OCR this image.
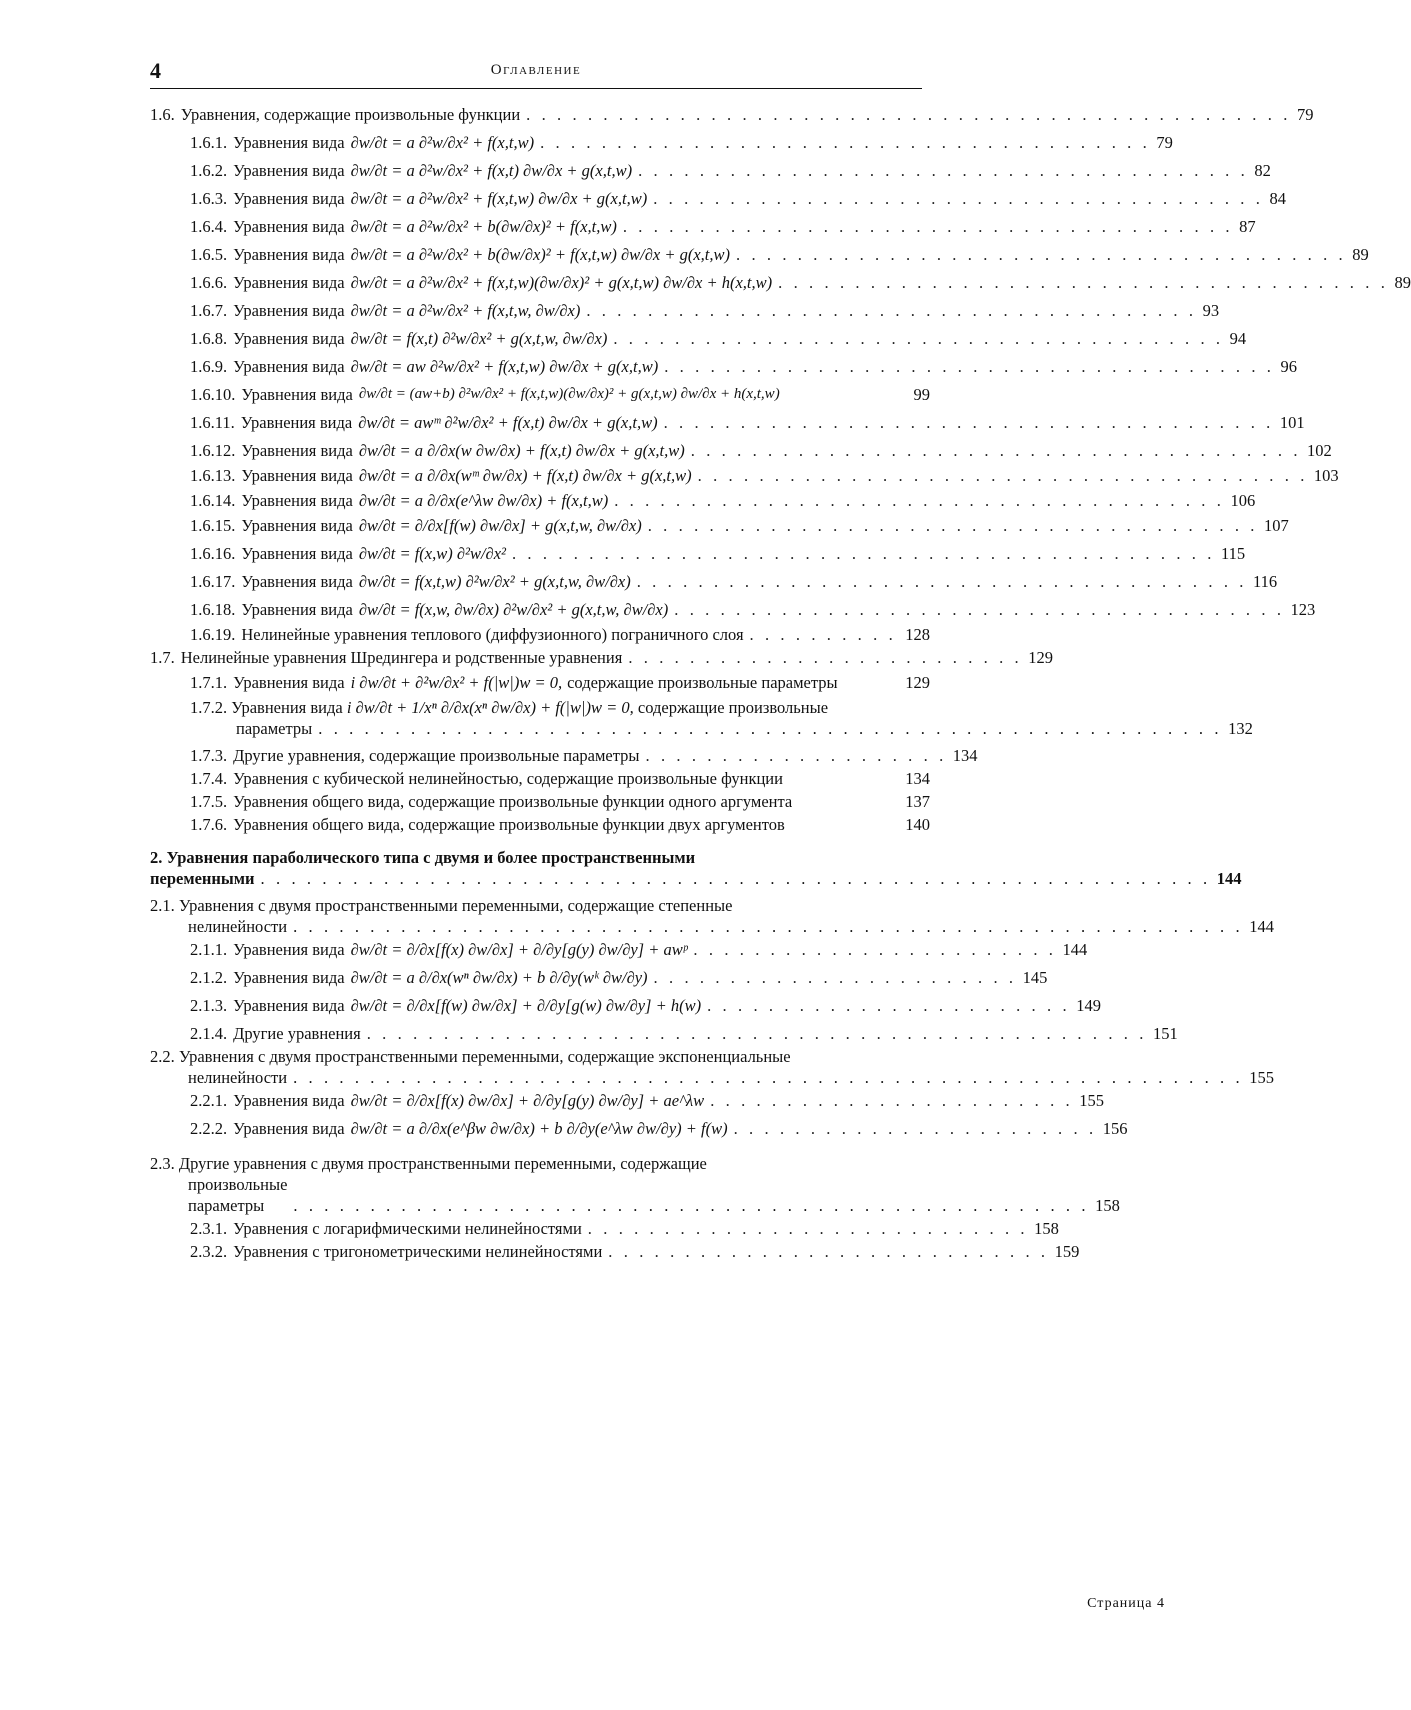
4	Оглавление
1.6. Уравнения, содержащие произвольные функции . . . . . . . . . . . . . . . . . . . . . . . . . . . . . . . . . . . . . . . . . . . . . . . . . . 79
1.6.1. Уравнения вида ∂w/∂t = a ∂²w/∂x² + f(x,t,w) . . . . . . . . . . . . . . . . . . . . . . . . . . . . . . . . . . . . . . . . 79
1.6.2. Уравнения вида ∂w/∂t = a ∂²w/∂x² + f(x,t) ∂w/∂x + g(x,t,w) . . . . . . . . . . . . . . . . . . . . . . . . . . . . . . . . . . . . . . . . 82
1.6.3. Уравнения вида ∂w/∂t = a ∂²w/∂x² + f(x,t,w) ∂w/∂x + g(x,t,w) . . . . . . . . . . . . . . . . . . . . . . . . . . . . . . . . . . . . . . . . 84
1.6.4. Уравнения вида ∂w/∂t = a ∂²w/∂x² + b(∂w/∂x)² + f(x,t,w) . . . . . . . . . . . . . . . . . . . . . . . . . . . . . . . . . . . . . . . . 87
1.6.5. Уравнения вида ∂w/∂t = a ∂²w/∂x² + b(∂w/∂x)² + f(x,t,w) ∂w/∂x + g(x,t,w) . . . . . . . . . . . . . . . . . . . . . . . . . . . . . . . . . . . . . . . . 89
1.6.6. Уравнения вида ∂w/∂t = a ∂²w/∂x² + f(x,t,w)(∂w/∂x)² + g(x,t,w) ∂w/∂x + h(x,t,w) . . . . . . . . . . . . . . . . . . . . . . . . . . . . . . . . . . . . . . . . 89
1.6.7. Уравнения вида ∂w/∂t = a ∂²w/∂x² + f(x,t,w, ∂w/∂x) . . . . . . . . . . . . . . . . . . . . . . . . . . . . . . . . . . . . . . . . 93
1.6.8. Уравнения вида ∂w/∂t = f(x,t) ∂²w/∂x² + g(x,t,w, ∂w/∂x) . . . . . . . . . . . . . . . . . . . . . . . . . . . . . . . . . . . . . . . . 94
1.6.9. Уравнения вида ∂w/∂t = aw ∂²w/∂x² + f(x,t,w) ∂w/∂x + g(x,t,w) . . . . . . . . . . . . . . . . . . . . . . . . . . . . . . . . . . . . . . . . 96
1.6.10. Уравнения вида ∂w/∂t = (aw+b) ∂²w/∂x² + f(x,t,w)(∂w/∂x)² + g(x,t,w) ∂w/∂x + h(x,t,w)	99
1.6.11. Уравнения вида ∂w/∂t = awᵐ ∂²w/∂x² + f(x,t) ∂w/∂x + g(x,t,w) . . . . . . . . . . . . . . . . . . . . . . . . . . . . . . . . . . . . . . . . 101
1.6.12. Уравнения вида ∂w/∂t = a ∂/∂x(w ∂w/∂x) + f(x,t) ∂w/∂x + g(x,t,w) . . . . . . . . . . . . . . . . . . . . . . . . . . . . . . . . . . . . . . . . 102
1.6.13. Уравнения вида ∂w/∂t = a ∂/∂x(wᵐ ∂w/∂x) + f(x,t) ∂w/∂x + g(x,t,w) . . . . . . . . . . . . . . . . . . . . . . . . . . . . . . . . . . . . . . . . 103
1.6.14. Уравнения вида ∂w/∂t = a ∂/∂x(e^λw ∂w/∂x) + f(x,t,w) . . . . . . . . . . . . . . . . . . . . . . . . . . . . . . . . . . . . . . . . 106
1.6.15. Уравнения вида ∂w/∂t = ∂/∂x[f(w) ∂w/∂x] + g(x,t,w, ∂w/∂x) . . . . . . . . . . . . . . . . . . . . . . . . . . . . . . . . . . . . . . . . 107
1.6.16. Уравнения вида ∂w/∂t = f(x,w) ∂²w/∂x² . . . . . . . . . . . . . . . . . . . . . . . . . . . . . . . . . . . . . . . . . . . . . . 115
1.6.17. Уравнения вида ∂w/∂t = f(x,t,w) ∂²w/∂x² + g(x,t,w, ∂w/∂x) . . . . . . . . . . . . . . . . . . . . . . . . . . . . . . . . . . . . . . . . 116
1.6.18. Уравнения вида ∂w/∂t = f(x,w, ∂w/∂x) ∂²w/∂x² + g(x,t,w, ∂w/∂x) . . . . . . . . . . . . . . . . . . . . . . . . . . . . . . . . . . . . . . . . 123
1.6.19. Нелинейные уравнения теплового (диффузионного) пограничного слоя . . . . . . . . . . 128
1.7. Нелинейные уравнения Шредингера и родственные уравнения . . . . . . . . . . . . . . . . . . . . . . . . . . 129
1.7.1. Уравнения вида i ∂w/∂t + ∂²w/∂x² + f(|w|)w = 0, содержащие произвольные параметры	129
1.7.2. Уравнения вида i ∂w/∂t + 1/xⁿ ∂/∂x(xⁿ ∂w/∂x) + f(|w|)w = 0, содержащие произвольные
параметры . . . . . . . . . . . . . . . . . . . . . . . . . . . . . . . . . . . . . . . . . . . . . . . . . . . . . . . . . . . 132
1.7.3. Другие уравнения, содержащие произвольные параметры . . . . . . . . . . . . . . . . . . . . 134
1.7.4. Уравнения с кубической нелинейностью, содержащие произвольные функции	134
1.7.5. Уравнения общего вида, содержащие произвольные функции одного аргумента	137
1.7.6. Уравнения общего вида, содержащие произвольные функции двух аргументов	140
2. Уравнения параболического типа с двумя и более пространственными
переменными . . . . . . . . . . . . . . . . . . . . . . . . . . . . . . . . . . . . . . . . . . . . . . . . . . . . . . . . . . . . . . 144
2.1. Уравнения с двумя пространственными переменными, содержащие степенные
нелинейности . . . . . . . . . . . . . . . . . . . . . . . . . . . . . . . . . . . . . . . . . . . . . . . . . . . . . . . . . . . . . . 144
2.1.1. Уравнения вида ∂w/∂t = ∂/∂x[f(x) ∂w/∂x] + ∂/∂y[g(y) ∂w/∂y] + awᵖ . . . . . . . . . . . . . . . . . . . . . . . . 144
2.1.2. Уравнения вида ∂w/∂t = a ∂/∂x(wⁿ ∂w/∂x) + b ∂/∂y(wᵏ ∂w/∂y) . . . . . . . . . . . . . . . . . . . . . . . . 145
2.1.3. Уравнения вида ∂w/∂t = ∂/∂x[f(w) ∂w/∂x] + ∂/∂y[g(w) ∂w/∂y] + h(w) . . . . . . . . . . . . . . . . . . . . . . . . 149
2.1.4. Другие уравнения . . . . . . . . . . . . . . . . . . . . . . . . . . . . . . . . . . . . . . . . . . . . . . . . . . . 151
2.2. Уравнения с двумя пространственными переменными, содержащие экспоненциальные
нелинейности . . . . . . . . . . . . . . . . . . . . . . . . . . . . . . . . . . . . . . . . . . . . . . . . . . . . . . . . . . . . . . 155
2.2.1. Уравнения вида ∂w/∂t = ∂/∂x[f(x) ∂w/∂x] + ∂/∂y[g(y) ∂w/∂y] + ae^λw . . . . . . . . . . . . . . . . . . . . . . . . 155
2.2.2. Уравнения вида ∂w/∂t = a ∂/∂x(e^βw ∂w/∂x) + b ∂/∂y(e^λw ∂w/∂y) + f(w) . . . . . . . . . . . . . . . . . . . . . . . . 156
2.3. Другие уравнения с двумя пространственными переменными, содержащие
произвольные параметры	. . . . . . . . . . . . . . . . . . . . . . . . . . . . . . . . . . . . . . . . . . . . . . . . . . . . 158
2.3.1. Уравнения с логарифмическими нелинейностями . . . . . . . . . . . . . . . . . . . . . . . . . . . . . 158
2.3.2. Уравнения с тригонометрическими нелинейностями . . . . . . . . . . . . . . . . . . . . . . . . . . . . . 159
Страница 4
